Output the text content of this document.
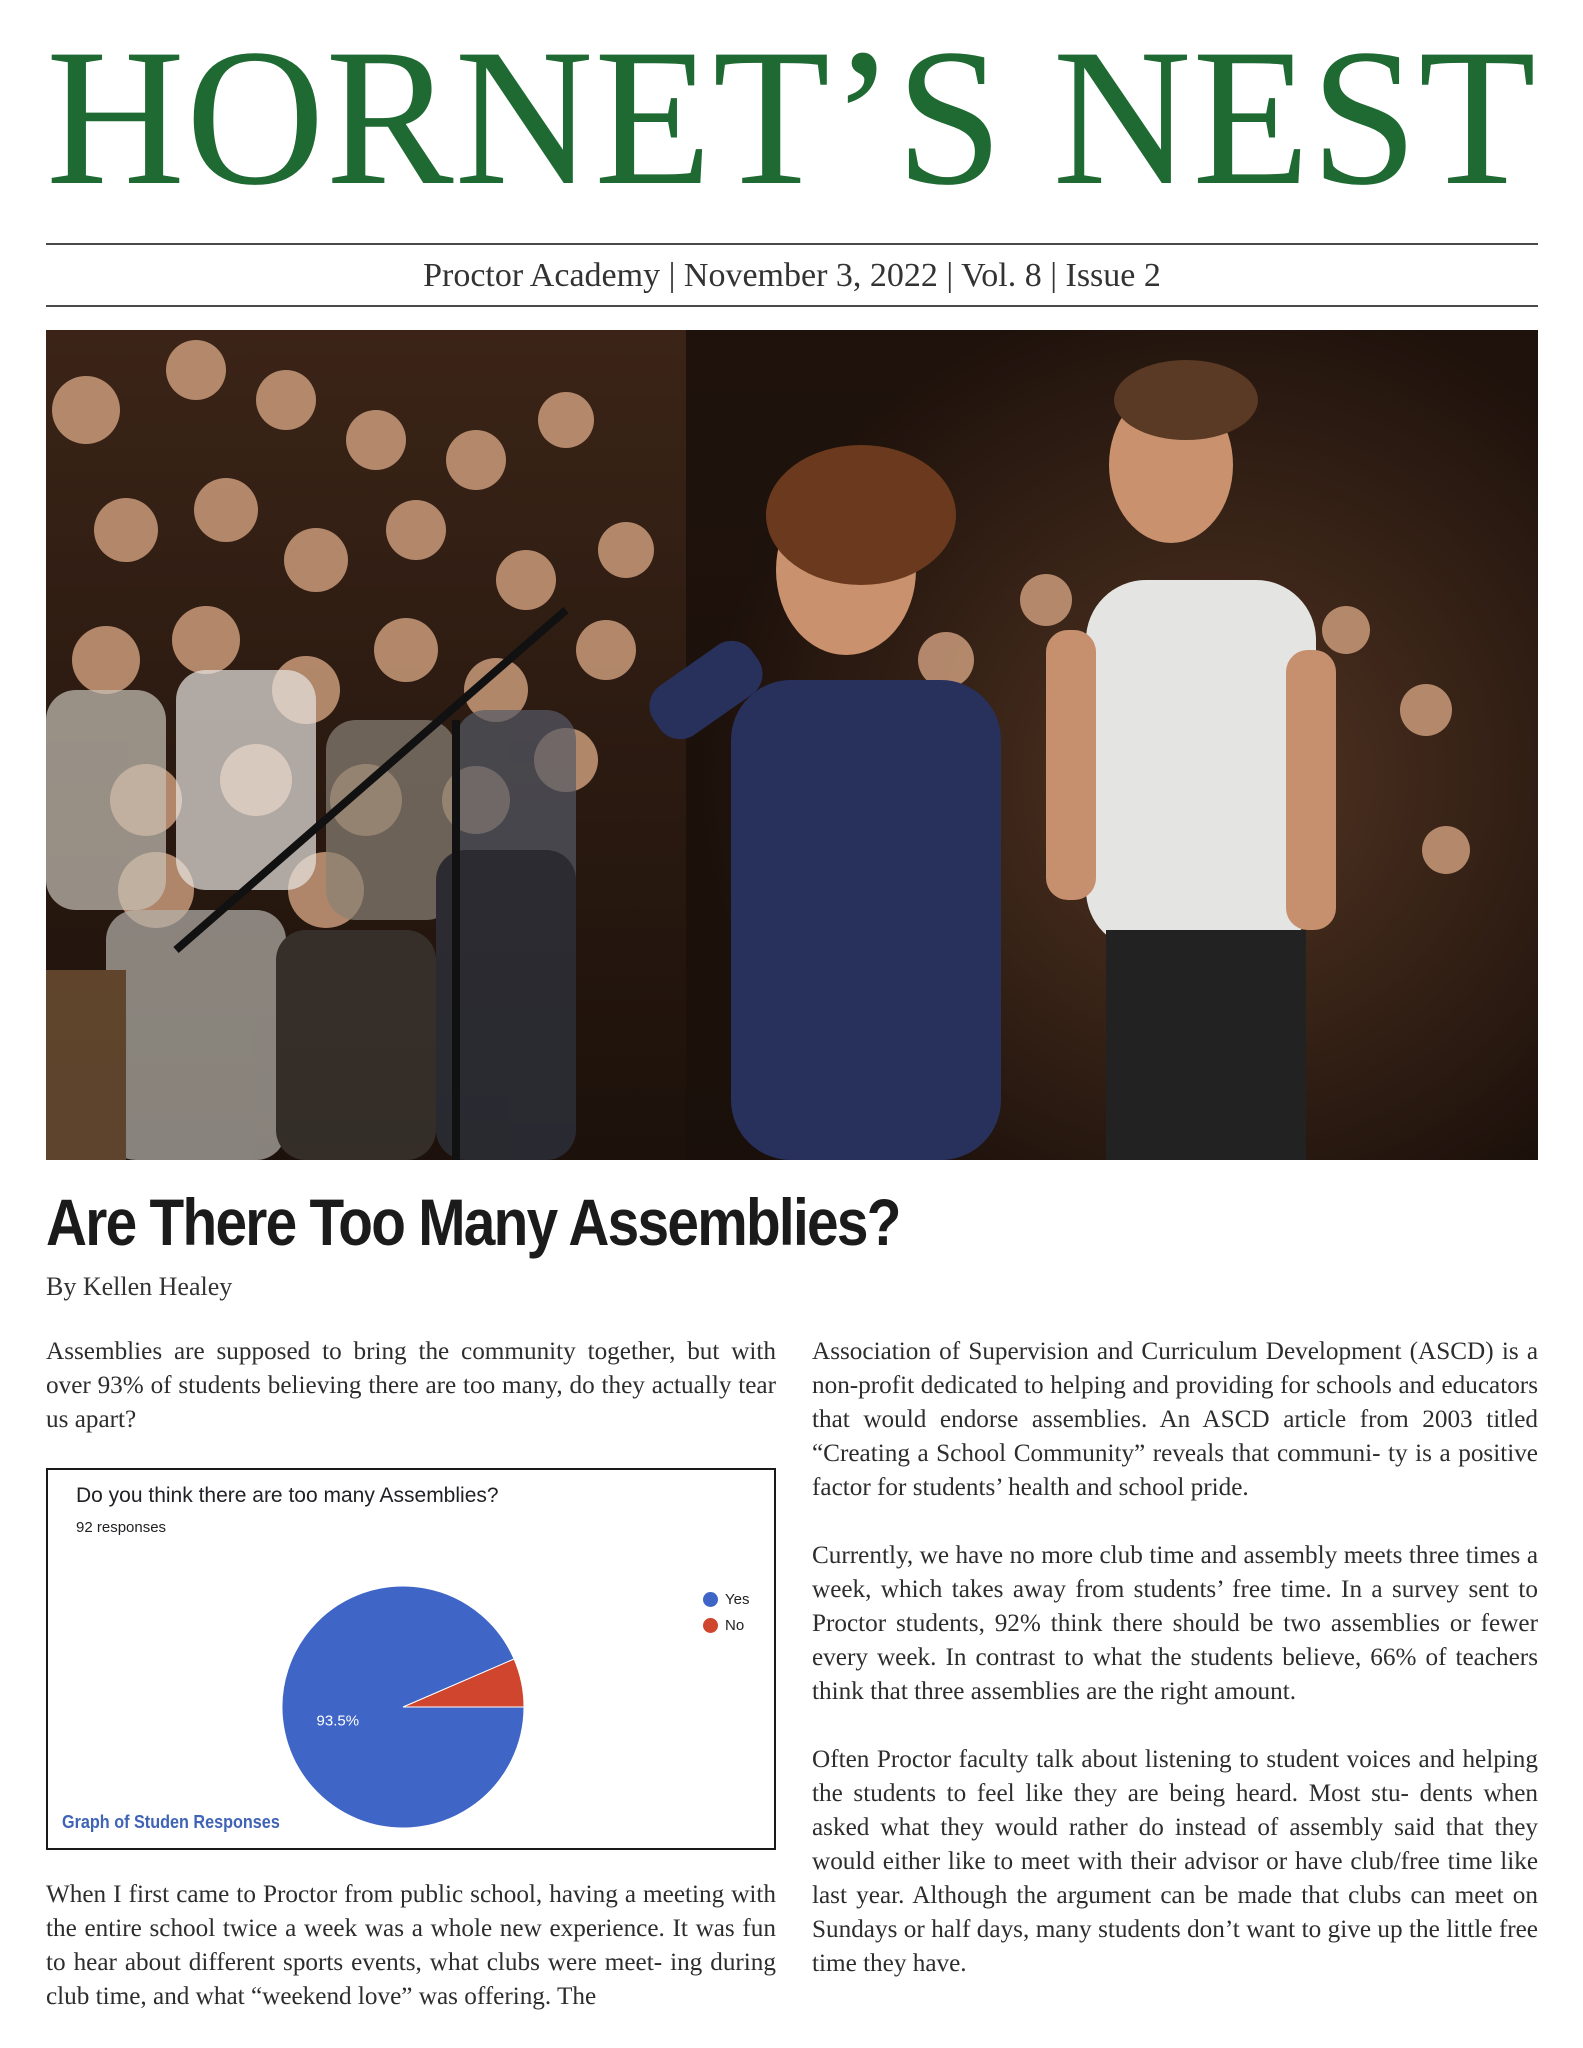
HORNET’S NEST
Proctor Academy | November 3, 2022 | Vol. 8 | Issue 2
Are There Too Many Assemblies?
By Kellen Healey

Assemblies are supposed to bring the community together, but with over 93% of students believing there are too many, do they actually tear us apart?

Do you think there are too many Assemblies?
92 responses
93.5%
Yes
No
Graph of Studen Responses

When I first came to Proctor from public school, having a meeting with the entire school twice a week was a whole new experience. It was fun to hear about different sports events, what clubs were meet- ing during club time, and what “weekend love” was offering. The

Association of Supervision and Curriculum Development (ASCD) is a non-profit dedicated to helping and providing for schools and educators that would endorse assemblies. An ASCD article from 2003 titled “Creating a School Community” reveals that communi- ty is a positive factor for students’ health and school pride.

Currently, we have no more club time and assembly meets three times a week, which takes away from students’ free time. In a survey sent to Proctor students, 92% think there should be two assemblies or fewer every week. In contrast to what the students believe, 66% of teachers think that three assemblies are the right amount.

Often Proctor faculty talk about listening to student voices and helping the students to feel like they are being heard. Most stu- dents when asked what they would rather do instead of assembly said that they would either like to meet with their advisor or have club/free time like last year. Although the argument can be made that clubs can meet on Sundays or half days, many students don’t want to give up the little free time they have.
